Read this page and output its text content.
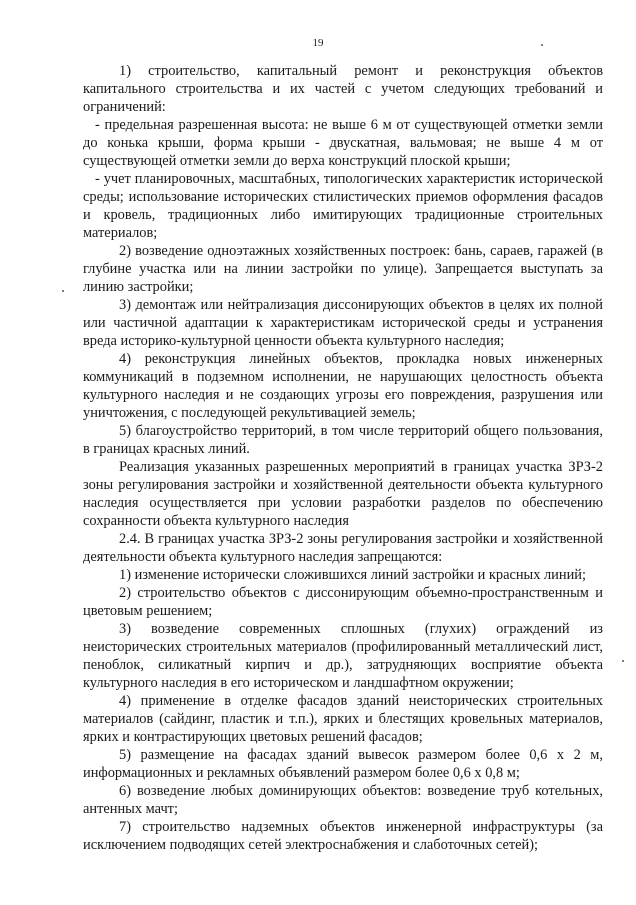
19

1) строительство, капитальный ремонт и реконструкция объектов капитального строительства и их частей с учетом следующих требований и ограничений:

- предельная разрешенная высота: не выше 6 м от существующей отметки земли до конька крыши, форма крыши - двускатная, вальмовая; не выше 4 м от существующей отметки земли до верха конструкций плоской крыши;

- учет планировочных, масштабных, типологических характеристик исторической среды; использование исторических стилистических приемов оформления фасадов и кровель, традиционных либо имитирующих традиционные строительных материалов;

2) возведение одноэтажных хозяйственных построек: бань, сараев, гаражей (в глубине участка или на линии застройки по улице). Запрещается выступать за линию застройки;

3) демонтаж или нейтрализация диссонирующих объектов в целях их полной или частичной адаптации к характеристикам исторической среды и устранения вреда историко-культурной ценности объекта культурного наследия;

4) реконструкция линейных объектов, прокладка новых инженерных коммуникаций в подземном исполнении, не нарушающих целостность объекта культурного наследия и не создающих угрозы его повреждения, разрушения или уничтожения, с последующей рекультивацией земель;

5) благоустройство территорий, в том числе территорий общего пользования, в границах красных линий.

Реализация указанных разрешенных мероприятий в границах участка ЗРЗ-2 зоны регулирования застройки и хозяйственной деятельности объекта культурного наследия осуществляется при условии разработки разделов по обеспечению сохранности объекта культурного наследия

2.4. В границах участка ЗРЗ-2 зоны регулирования застройки и хозяйственной деятельности объекта культурного наследия запрещаются:

1) изменение исторически сложившихся линий застройки и красных линий;

2) строительство объектов с диссонирующим объемно-пространственным и цветовым решением;

3) возведение современных сплошных (глухих) ограждений из неисторических строительных материалов (профилированный металлический лист, пеноблок, силикатный кирпич и др.), затрудняющих восприятие объекта культурного наследия в его историческом и ландшафтном окружении;

4) применение в отделке фасадов зданий неисторических строительных материалов (сайдинг, пластик и т.п.), ярких и блестящих кровельных материалов, ярких и контрастирующих цветовых решений фасадов;

5) размещение на фасадах зданий вывесок размером более 0,6 х 2 м, информационных и рекламных объявлений размером более 0,6 х 0,8 м;

6) возведение любых доминирующих объектов: возведение труб котельных, антенных мачт;

7) строительство надземных объектов инженерной инфраструктуры (за исключением подводящих сетей электроснабжения и слаботочных сетей);
